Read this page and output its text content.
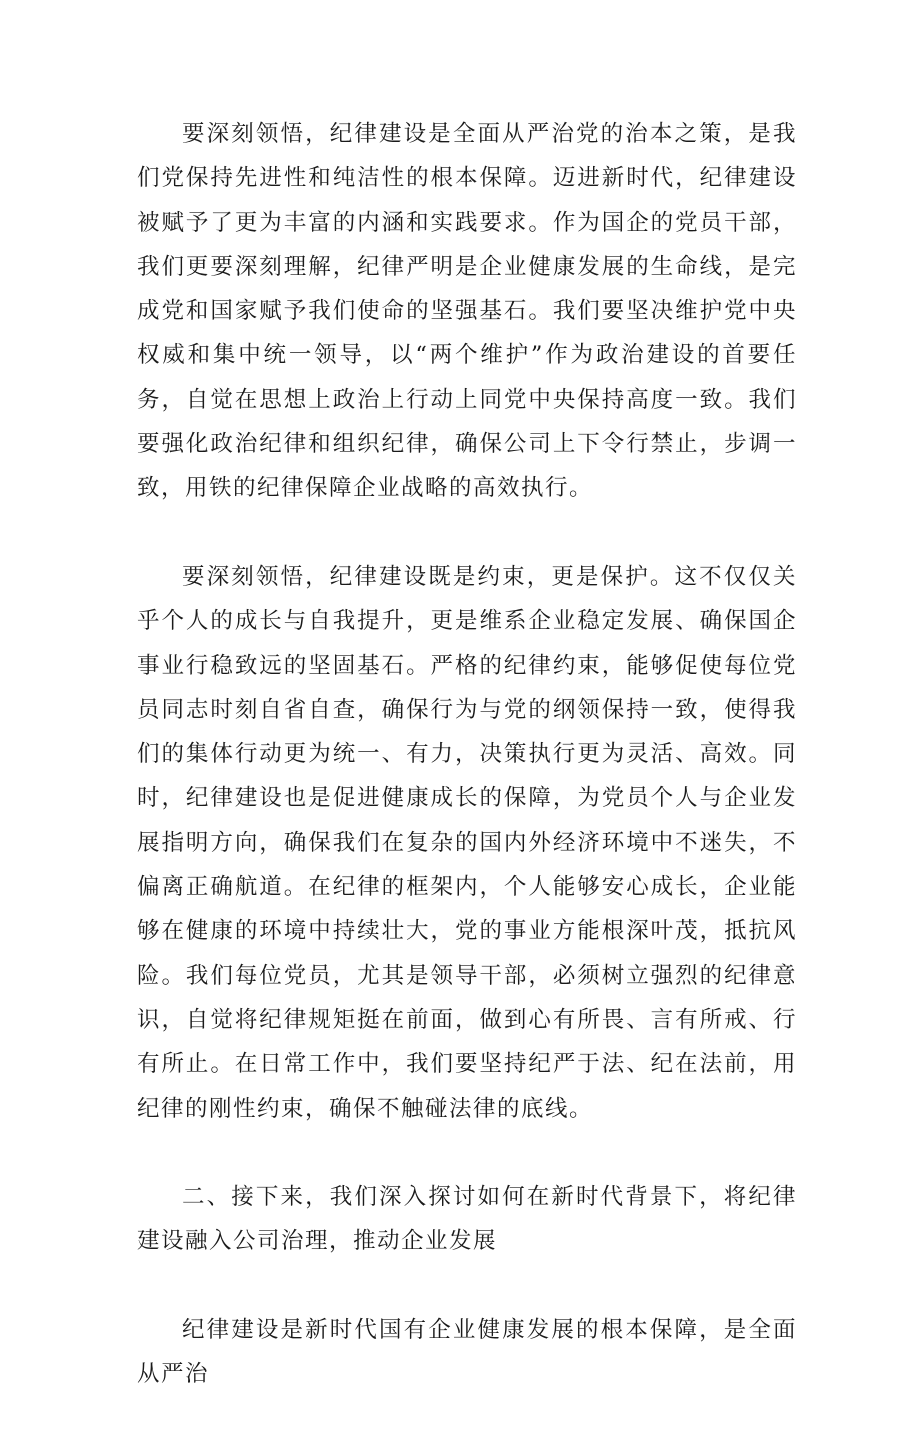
要深刻领悟，纪律建设是全面从严治党的治本之策，是我们党保持先进性和纯洁性的根本保障。迈进新时代，纪律建设被赋予了更为丰富的内涵和实践要求。作为国企的党员干部，我们更要深刻理解，纪律严明是企业健康发展的生命线，是完成党和国家赋予我们使命的坚强基石。我们要坚决维护党中央权威和集中统一领导，以“两个维护”作为政治建设的首要任务，自觉在思想上政治上行动上同党中央保持高度一致。我们要强化政治纪律和组织纪律，确保公司上下令行禁止，步调一致，用铁的纪律保障企业战略的高效执行。

要深刻领悟，纪律建设既是约束，更是保护。这不仅仅关乎个人的成长与自我提升，更是维系企业稳定发展、确保国企事业行稳致远的坚固基石。严格的纪律约束，能够促使每位党员同志时刻自省自查，确保行为与党的纲领保持一致，使得我们的集体行动更为统一、有力，决策执行更为灵活、高效。同时，纪律建设也是促进健康成长的保障，为党员个人与企业发展指明方向，确保我们在复杂的国内外经济环境中不迷失，不偏离正确航道。在纪律的框架内，个人能够安心成长，企业能够在健康的环境中持续壮大，党的事业方能根深叶茂，抵抗风险。我们每位党员，尤其是领导干部，必须树立强烈的纪律意识，自觉将纪律规矩挺在前面，做到心有所畏、言有所戒、行有所止。在日常工作中，我们要坚持纪严于法、纪在法前，用纪律的刚性约束，确保不触碰法律的底线。

二、接下来，我们深入探讨如何在新时代背景下，将纪律建设融入公司治理，推动企业发展

纪律建设是新时代国有企业健康发展的根本保障，是全面从严治
